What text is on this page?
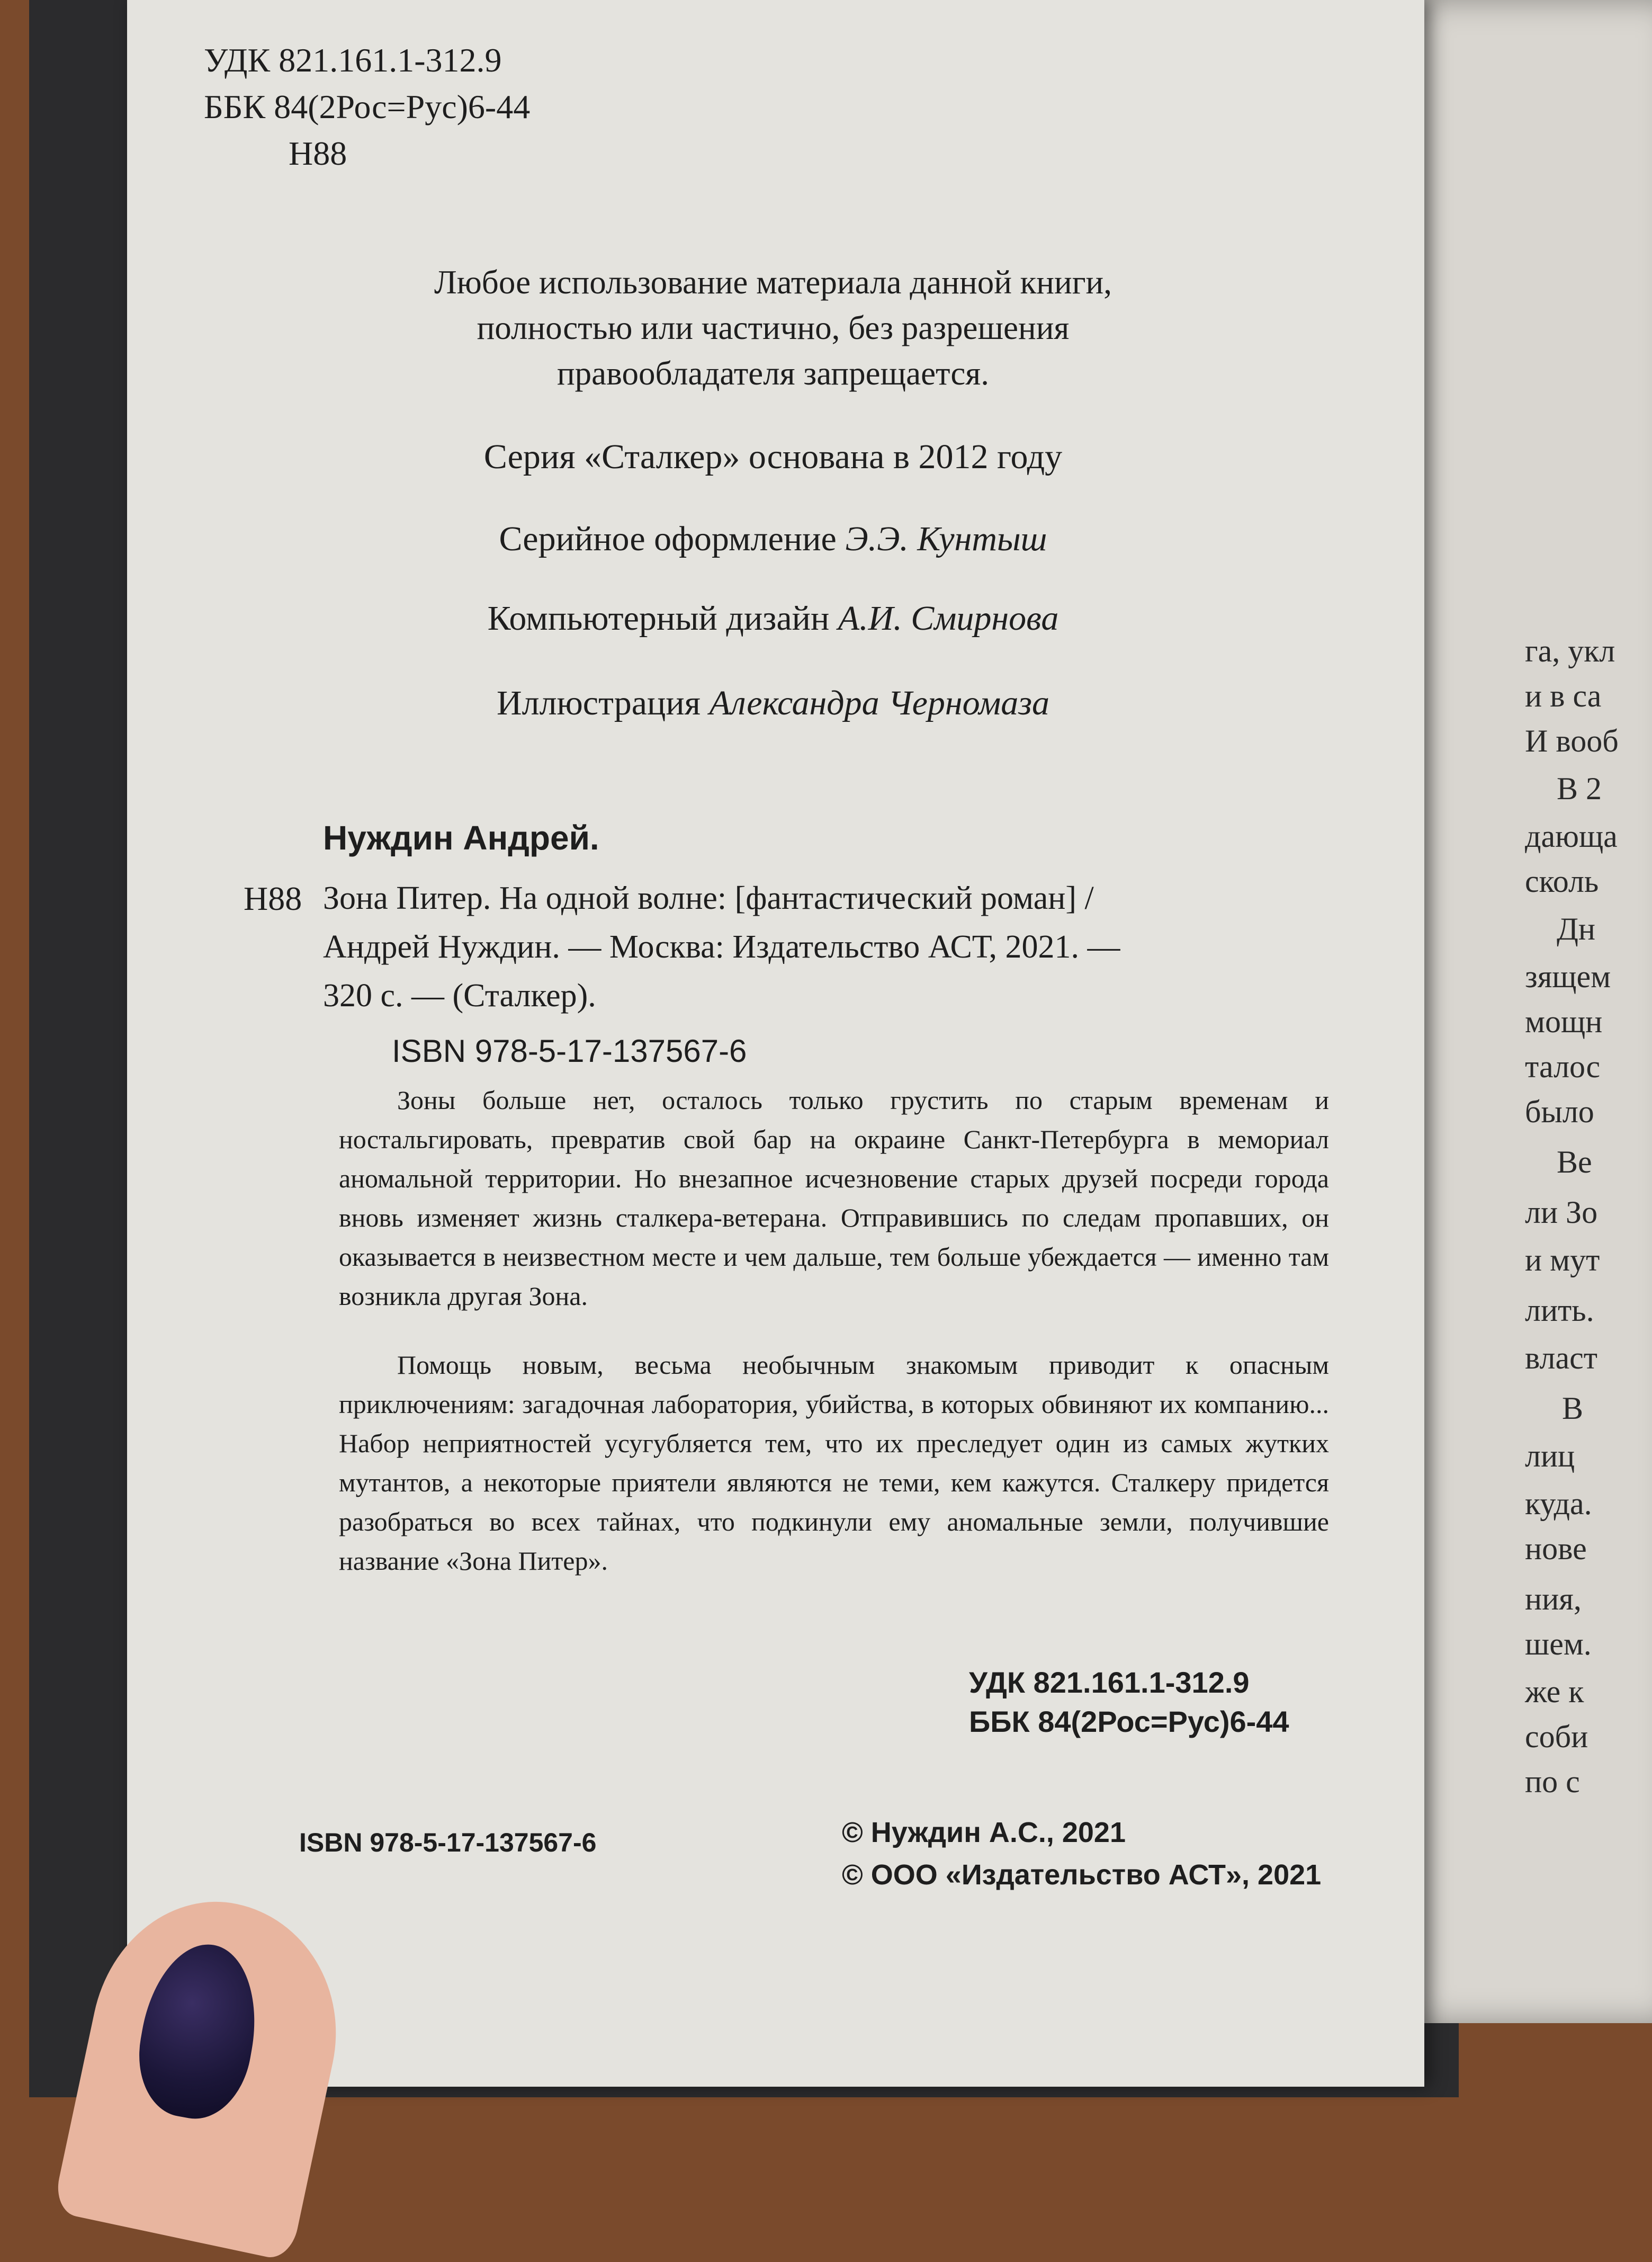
га, укл
и в са
И вооб
В 2
дающа
сколь
Дн
зящем
мощн
талос
было
Ве
ли Зо
и мут
лить.
власт
В
лиц
куда.
нове
ния,
шем.
же к
соби
по с
УДК 821.161.1-312.9
ББК 84(2Рос=Рус)6-44
Н88
Любое использование материала данной книги,
полностью или частично, без разрешения
правообладателя запрещается.
Серия «Сталкер» основана в 2012 году
Серийное оформление Э.Э. Кунтыш
Компьютерный дизайн А.И. Смирнова
Иллюстрация Александра Черномаза
Нуждин Андрей.
Н88 Зона Питер. На одной волне: [фантастический роман] /
Андрей Нуждин. — Москва: Издательство АСТ, 2021. —
320 с. — (Сталкер).
ISBN 978-5-17-137567-6
Зоны больше нет, осталось только грустить по старым временам и ностальгировать, превратив свой бар на окраине Санкт-Петербурга в мемориал аномальной территории. Но внезапное исчезновение старых друзей посреди города вновь изменяет жизнь сталкера-ветерана. Отправившись по следам пропавших, он оказывается в неизвестном месте и чем дальше, тем больше убеждается — именно там возникла другая Зона.
Помощь новым, весьма необычным знакомым приводит к опасным приключениям: загадочная лаборатория, убийства, в которых обвиняют их компанию... Набор неприятностей усугубляется тем, что их преследует один из самых жутких мутантов, а некоторые приятели являются не теми, кем кажутся. Сталкеру придется разобраться во всех тайнах, что подкинули ему аномальные земли, получившие название «Зона Питер».
УДК 821.161.1-312.9
ББК 84(2Рос=Рус)6-44
ISBN 978-5-17-137567-6	© Нуждин А.С., 2021
© ООО «Издательство АСТ», 2021
